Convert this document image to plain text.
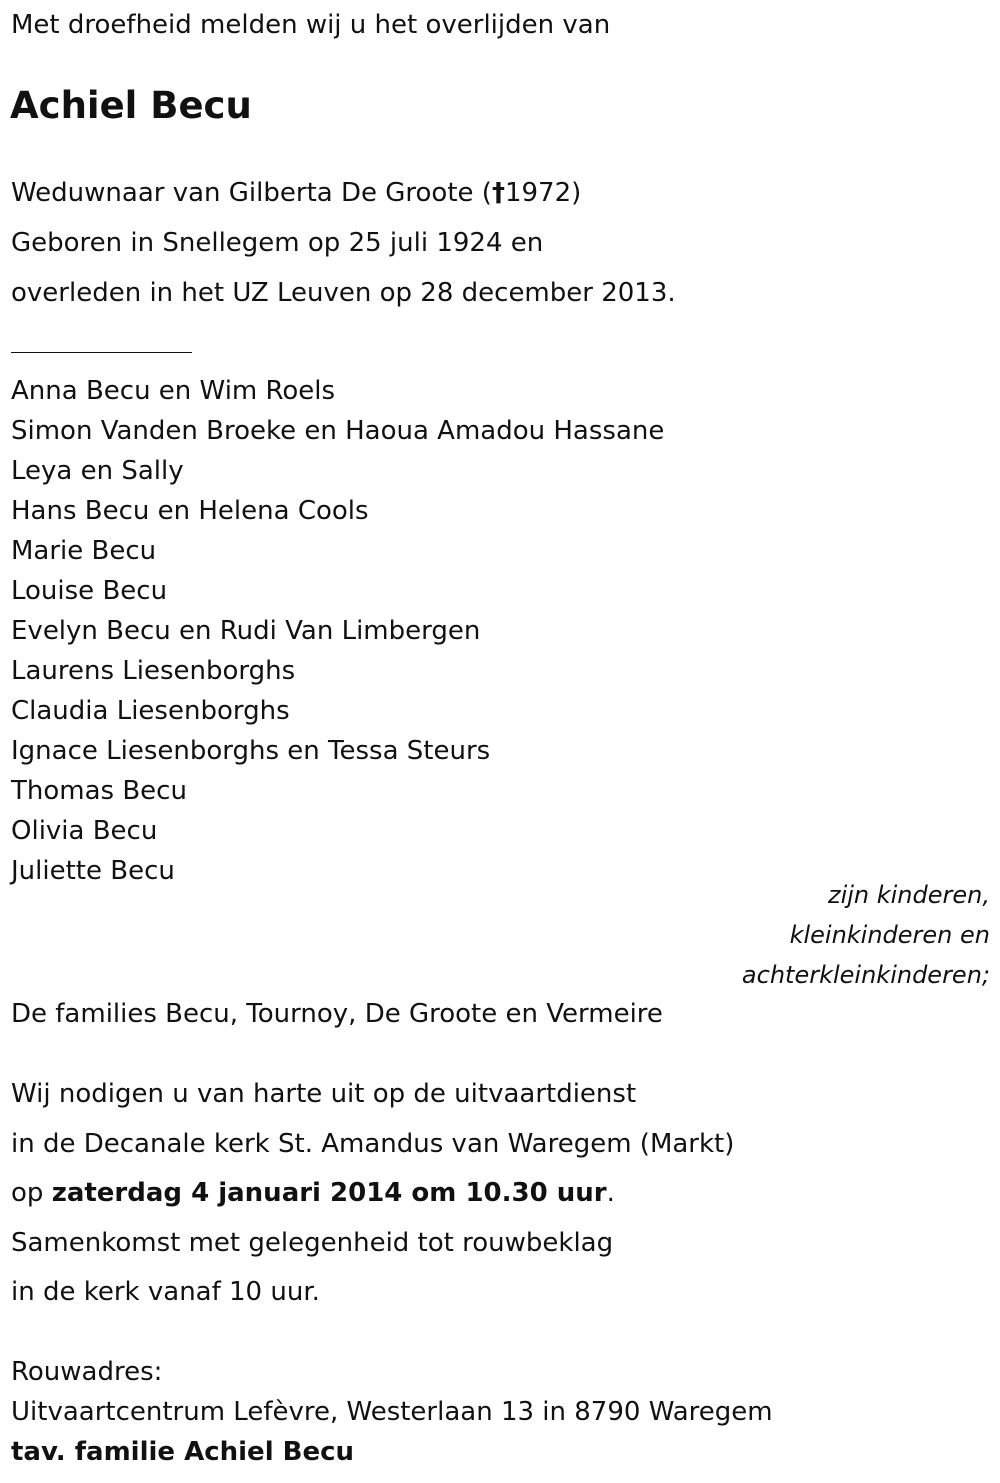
Met droefheid melden wij u het overlijden van
Achiel Becu
Weduwnaar van Gilberta De Groote (†1972)
Geboren in Snellegem op 25 juli 1924 en
overleden in het UZ Leuven op 28 december 2013.
Anna Becu en Wim Roels
Simon Vanden Broeke en Haoua Amadou Hassane
Leya en Sally
Hans Becu en Helena Cools
Marie Becu
Louise Becu
Evelyn Becu en Rudi Van Limbergen
Laurens Liesenborghs
Claudia Liesenborghs
Ignace Liesenborghs en Tessa Steurs
Thomas Becu
Olivia Becu
Juliette Becu
zijn kinderen,
kleinkinderen en
achterkleinkinderen;
De families Becu, Tournoy, De Groote en Vermeire
Wij nodigen u van harte uit op de uitvaartdienst
in de Decanale kerk St. Amandus van Waregem (Markt)
op zaterdag 4 januari 2014 om 10.30 uur.
Samenkomst met gelegenheid tot rouwbeklag
in de kerk vanaf 10 uur.
Rouwadres:
Uitvaartcentrum Lefèvre, Westerlaan 13 in 8790 Waregem
tav. familie Achiel Becu
